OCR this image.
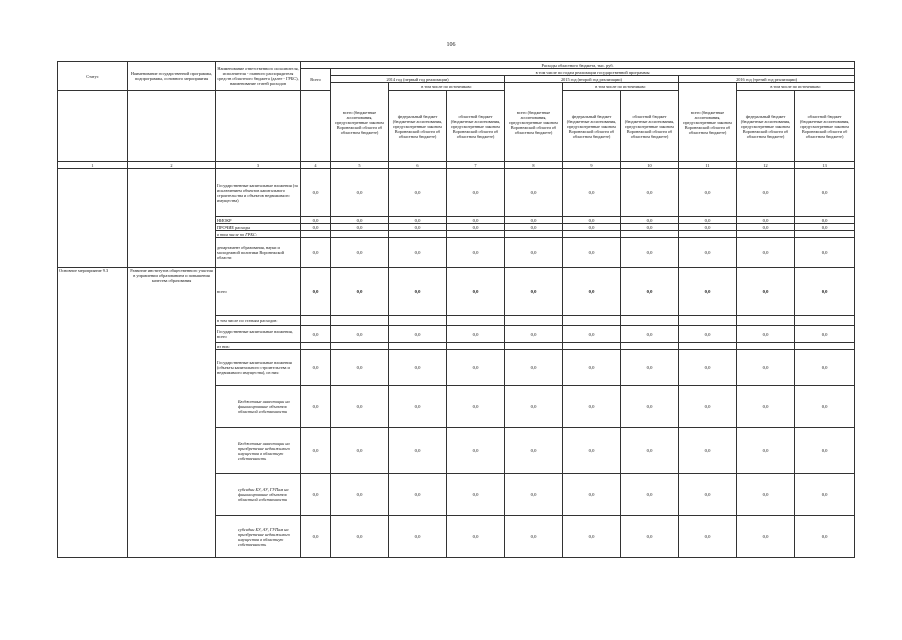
106
Статус	Наименование государственной программы, подпрограммы, основного мероприятия	Наименование ответственного исполнителя, исполнителя - главного распорядителя средств областного бюджета (далее - ГРБС), наименование статей расходов	Расходы областного бюджета, тыс. руб.									
			Всего	в том числе по годам реализации государственной программы								
				2014 год (первый год реализации)			2015 год (второй год реализации)			2016 год (третий год реализации)		
				всего (бюджетные ассигнования, предусмотренные законом Воронежской области об областном бюджете)	в том числе по источникам:		всего (бюджетные ассигнования, предусмотренные законом Воронежской области об областном бюджете)	в том числе по источникам:		всего (бюджетные ассигнования, предусмотренные законом Воронежской области об областном бюджете)	в том числе по источникам:	
					федеральный бюджет (бюджетные ассигнования, предусмотренные законом Воронежской области об областном бюджете)	областной бюджет (бюджетные ассигнования, предусмотренные законом Воронежской области об областном бюджете)		федеральный бюджет (бюджетные ассигнования, предусмотренные законом Воронежской области об областном бюджете)	областной бюджет (бюджетные ассигнования, предусмотренные законом Воронежской области об областном бюджете)		федеральный бюджет (бюджетные ассигнования, предусмотренные законом Воронежской области об областном бюджете)	областной бюджет (бюджетные ассигнования, предусмотренные законом Воронежской области об областном бюджете)
1	2	3	4	5	6	7	8	9	10	11	12	13
		Государственные капитальные вложения (за исключением объектов капитального строительства и объектов недвижимого имущества)	0,0	0,0	0,0	0,0	0,0	0,0	0,0	0,0	0,0	0,0
		НИОКР	0,0	0,0	0,0	0,0	0,0	0,0	0,0	0,0	0,0	0,0
		ПРОЧИЕ расходы	0,0	0,0	0,0	0,0	0,0	0,0	0,0	0,0	0,0	0,0
		в том числе по ГРБС:										
		департамент образования, науки и молодежной политики Воронежской области	0,0	0,0	0,0	0,0	0,0	0,0	0,0	0,0	0,0	0,0
Основное мероприятие 9.3	Развитие институтов общественного участия в управлении образованием и повышения качества образования	всего	0,0	0,0	0,0	0,0	0,0	0,0	0,0	0,0	0,0	0,0
		в том числе по статьям расходов:										
		Государственные капитальные вложения, всего	0,0	0,0	0,0	0,0	0,0	0,0	0,0	0,0	0,0	0,0
		из них:										
		Государственные капитальные вложения (объекты капитального строительства и недвижимого имущества), из них:	0,0	0,0	0,0	0,0	0,0	0,0	0,0	0,0	0,0	0,0
		Бюджетные инвестиции на финансирование объектов областной собственности	0,0	0,0	0,0	0,0	0,0	0,0	0,0	0,0	0,0	0,0
		Бюджетные инвестиции на приобретение недвижимого имущества в областную собственность	0,0	0,0	0,0	0,0	0,0	0,0	0,0	0,0	0,0	0,0
		субсидии БУ, АУ, ГУПам на финансирование объектов областной собственности	0,0	0,0	0,0	0,0	0,0	0,0	0,0	0,0	0,0	0,0
		субсидии БУ, АУ, ГУПам на приобретение недвижимого имущества в областную собственность	0,0	0,0	0,0	0,0	0,0	0,0	0,0	0,0	0,0	0,0
